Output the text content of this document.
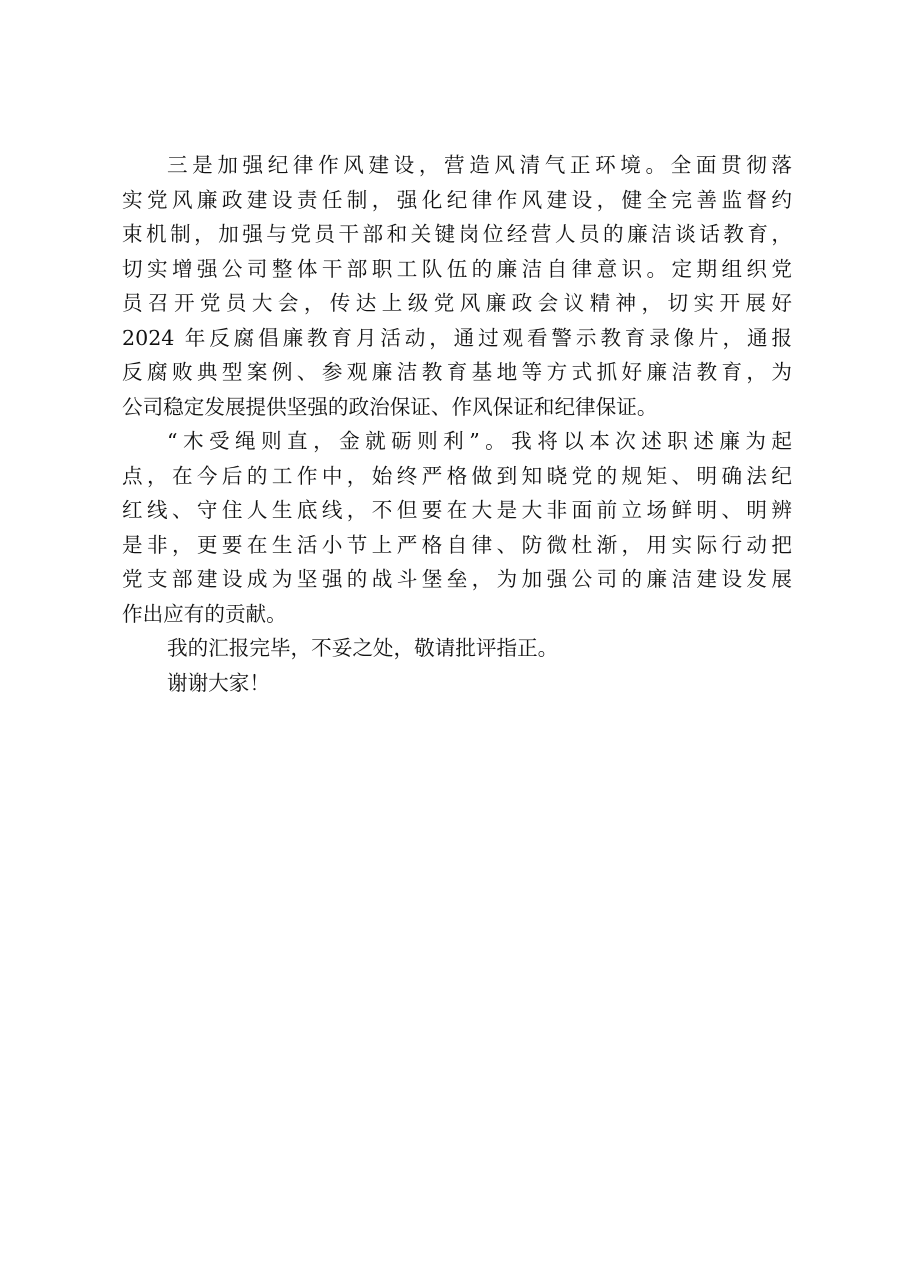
三是加强纪律作风建设，营造风清气正环境。全面贯彻落
实党风廉政建设责任制，强化纪律作风建设，健全完善监督约
束机制，加强与党员干部和关键岗位经营人员的廉洁谈话教育，
切实增强公司整体干部职工队伍的廉洁自律意识。定期组织党
员召开党员大会，传达上级党风廉政会议精神，切实开展好
2024 年反腐倡廉教育月活动，通过观看警示教育录像片，通报
反腐败典型案例、参观廉洁教育基地等方式抓好廉洁教育，为
公司稳定发展提供坚强的政治保证、作风保证和纪律保证。
“木受绳则直，金就砺则利”。我将以本次述职述廉为起
点，在今后的工作中，始终严格做到知晓党的规矩、明确法纪
红线、守住人生底线，不但要在大是大非面前立场鲜明、明辨
是非，更要在生活小节上严格自律、防微杜渐，用实际行动把
党支部建设成为坚强的战斗堡垒，为加强公司的廉洁建设发展
作出应有的贡献。
我的汇报完毕，不妥之处，敬请批评指正。
谢谢大家！
